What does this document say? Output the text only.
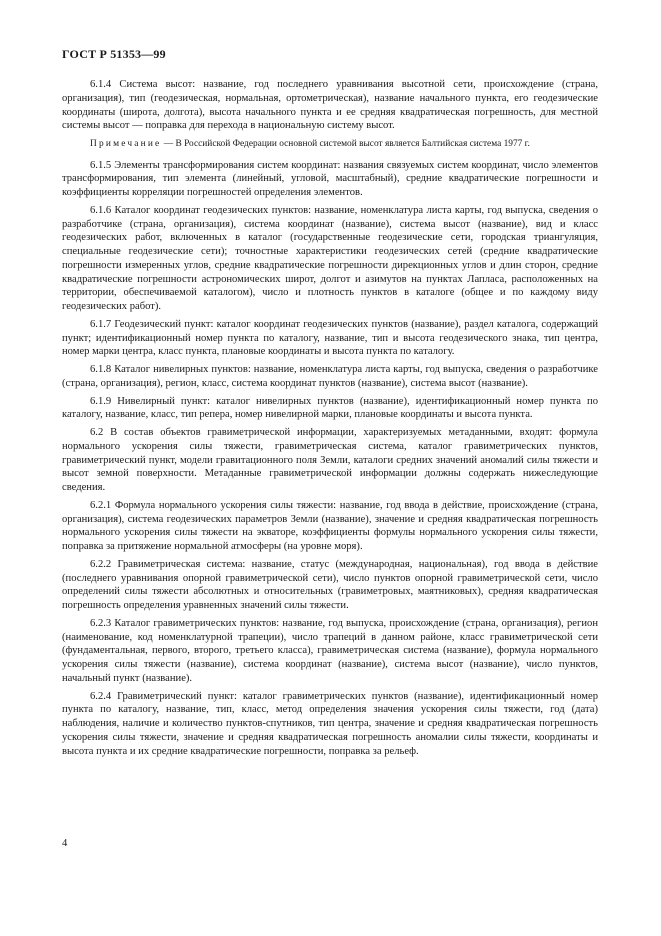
ГОСТ Р 51353—99

6.1.4 Система высот: название, год последнего уравнивания высотной сети, происхождение (страна, организация), тип (геодезическая, нормальная, ортометрическая), название начального пункта, его геодезические координаты (широта, долгота), высота начального пункта и ее средняя квадратическая погрешность, для местной системы высот — поправка для перехода в национальную систему высот.

Примечание — В Российской Федерации основной системой высот является Балтийская система 1977 г.

6.1.5 Элементы трансформирования систем координат: названия связуемых систем координат, число элементов трансформирования, тип элемента (линейный, угловой, масштабный), средние квадратические погрешности и коэффициенты корреляции погрешностей определения элементов.

6.1.6 Каталог координат геодезических пунктов: название, номенклатура листа карты, год выпуска, сведения о разработчике (страна, организация), система координат (название), система высот (название), вид и класс геодезических работ, включенных в каталог (государственные геодезические сети, городская триангуляция, специальные геодезические сети); точностные характеристики геодезических сетей (средние квадратические погрешности измеренных углов, средние квадратические погрешности дирекционных углов и длин сторон, средние квадратические погрешности астрономических широт, долгот и азимутов на пунктах Лапласа, расположенных на территории, обеспечиваемой каталогом), число и плотность пунктов в каталоге (общее и по каждому виду геодезических работ).

6.1.7 Геодезический пункт: каталог координат геодезических пунктов (название), раздел каталога, содержащий пункт; идентификационный номер пункта по каталогу, название, тип и высота геодезического знака, тип центра, номер марки центра, класс пункта, плановые координаты и высота пункта по каталогу.

6.1.8 Каталог нивелирных пунктов: название, номенклатура листа карты, год выпуска, сведения о разработчике (страна, организация), регион, класс, система координат пунктов (название), система высот (название).

6.1.9 Нивелирный пункт: каталог нивелирных пунктов (название), идентификационный номер пункта по каталогу, название, класс, тип репера, номер нивелирной марки, плановые координаты и высота пункта.

6.2 В состав объектов гравиметрической информации, характеризуемых метаданными, входят: формула нормального ускорения силы тяжести, гравиметрическая система, каталог гравиметрических пунктов, гравиметрический пункт, модели гравитационного поля Земли, каталоги средних значений аномалий силы тяжести и высот земной поверхности. Метаданные гравиметрической информации должны содержать нижеследующие сведения.

6.2.1 Формула нормального ускорения силы тяжести: название, год ввода в действие, происхождение (страна, организация), система геодезических параметров Земли (название), значение и средняя квадратическая погрешность нормального ускорения силы тяжести на экваторе, коэффициенты формулы нормального ускорения силы тяжести, поправка за притяжение нормальной атмосферы (на уровне моря).

6.2.2 Гравиметрическая система: название, статус (международная, национальная), год ввода в действие (последнего уравнивания опорной гравиметрической сети), число пунктов опорной гравиметрической сети, число определений силы тяжести абсолютных и относительных (гравиметровых, маятниковых), средняя квадратическая погрешность определения уравненных значений силы тяжести.

6.2.3 Каталог гравиметрических пунктов: название, год выпуска, происхождение (страна, организация), регион (наименование, код номенклатурной трапеции), число трапеций в данном районе, класс гравиметрической сети (фундаментальная, первого, второго, третьего класса), гравиметрическая система (название), формула нормального ускорения силы тяжести (название), система координат (название), система высот (название), число пунктов, начальный пункт (название).

6.2.4 Гравиметрический пункт: каталог гравиметрических пунктов (название), идентификационный номер пункта по каталогу, название, тип, класс, метод определения значения ускорения силы тяжести, год (дата) наблюдения, наличие и количество пунктов-спутников, тип центра, значение и средняя квадратическая погрешность ускорения силы тяжести, значение и средняя квадратическая погрешность аномалии силы тяжести, координаты и высота пункта и их средние квадратические погрешности, поправка за рельеф.

4
